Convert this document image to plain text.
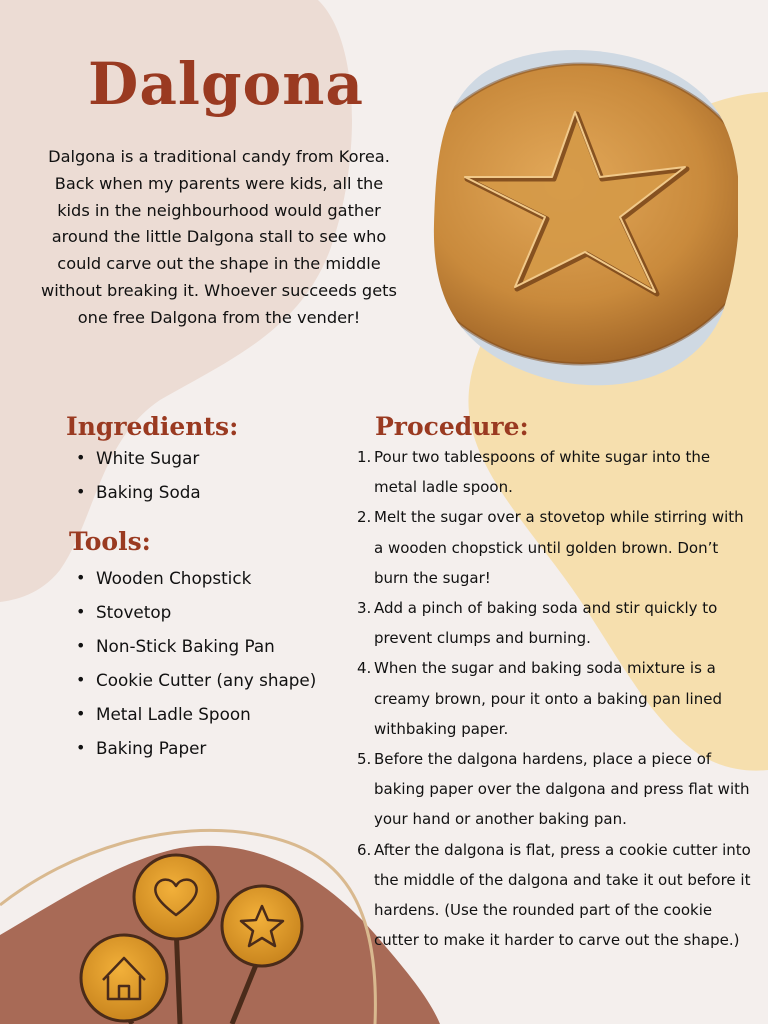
Dalgona

Dalgona is a traditional candy from Korea. Back when my parents were kids, all the kids in the neighbourhood would gather around the little Dalgona stall to see who could carve out the shape in the middle without breaking it. Whoever succeeds gets one free Dalgona from the vender!

Ingredients:
• White Sugar
• Baking Soda
Tools:
• Wooden Chopstick
• Stovetop
• Non-Stick Baking Pan
• Cookie Cutter (any shape)
• Metal Ladle Spoon
• Baking Paper
Procedure:
1. Pour two tablespoons of white sugar into the metal ladle spoon.
2. Melt the sugar over a stovetop while stirring with a wooden chopstick until golden brown. Don’t burn the sugar!
3. Add a pinch of baking soda and stir quickly to prevent clumps and burning.
4. When the sugar and baking soda mixture is a creamy brown, pour it onto a baking pan lined withbaking paper.
5. Before the dalgona hardens, place a piece of baking paper over the dalgona and press flat with your hand or another baking pan.
6. After the dalgona is flat, press a cookie cutter into the middle of the dalgona and take it out before it hardens. (Use the rounded part of the cookie cutter to make it harder to carve out the shape.)
